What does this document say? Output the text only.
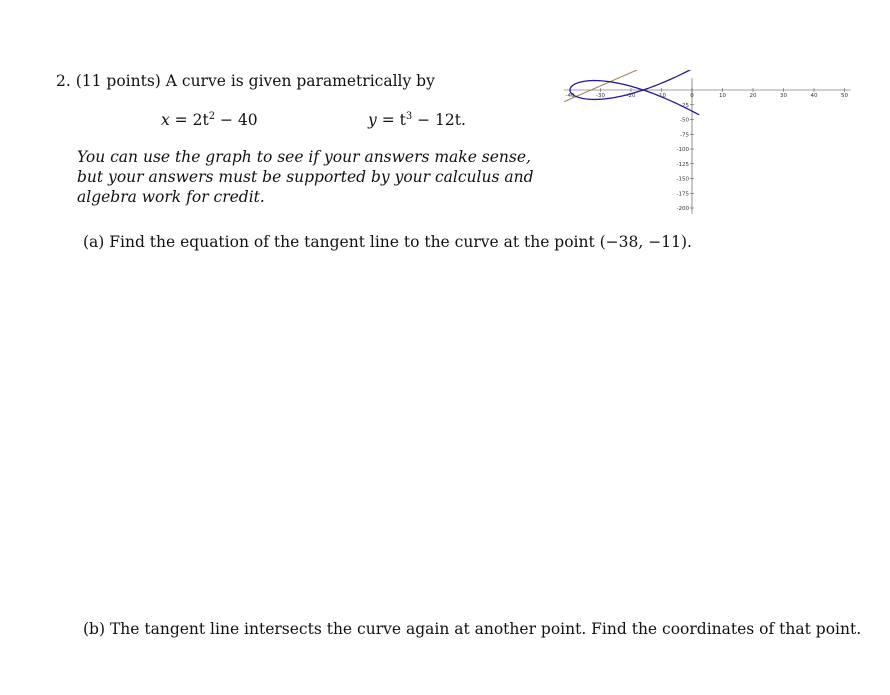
2. (11 points) A curve is given parametrically by
$x = 2t^2 - 40$	$y = t^3 - 12t$.
You can use the graph to see if your answers make sense, but your answers must be supported by your calculus and algebra work for credit.
-40	-30	-20	-10	0	10	20	30	40	50
-25
-50
-75
-100
-125
-150
-175
-200
(a) Find the equation of the tangent line to the curve at the point (−38, −11).
(b) The tangent line intersects the curve again at another point. Find the coordinates of that point.
